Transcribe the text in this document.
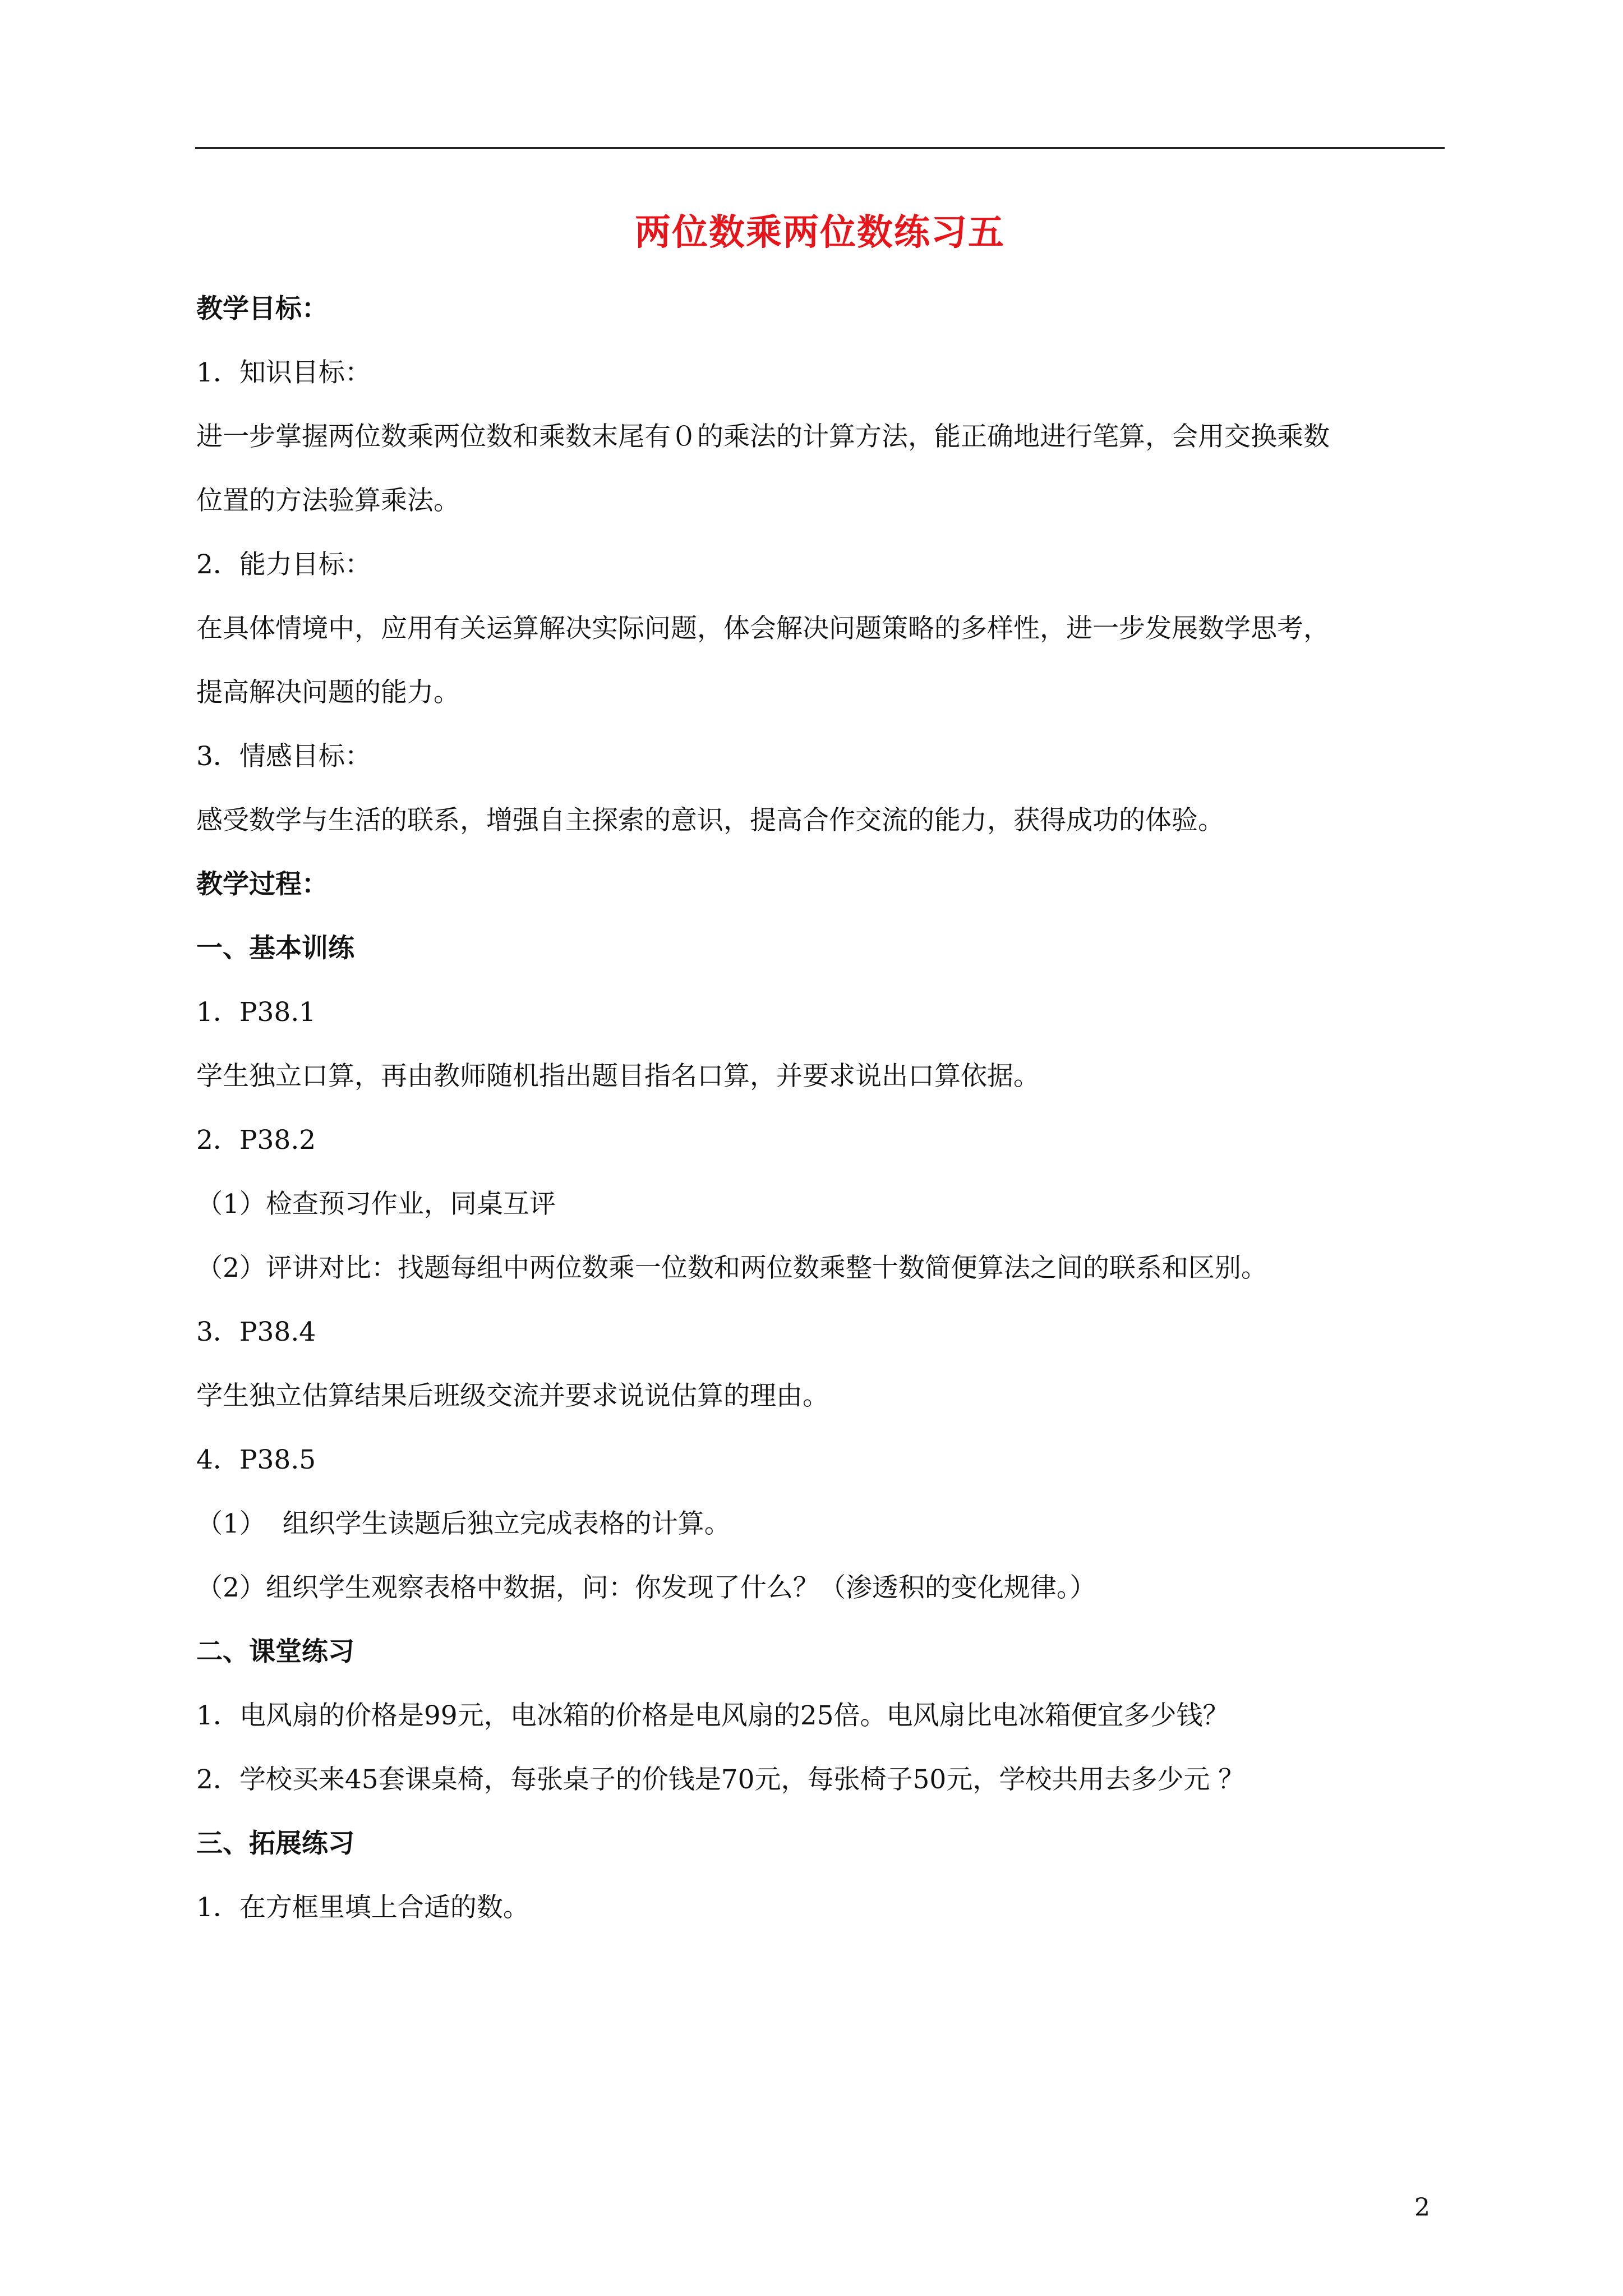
两位数乘两位数练习五
教学目标：
1．知识目标：
进一步掌握两位数乘两位数和乘数末尾有０的乘法的计算方法，能正确地进行笔算，会用交换乘数
位置的方法验算乘法。
2．能力目标：
在具体情境中，应用有关运算解决实际问题，体会解决问题策略的多样性，进一步发展数学思考，
提高解决问题的能力。
3．情感目标：
感受数学与生活的联系，增强自主探索的意识，提高合作交流的能力，获得成功的体验。
教学过程：
一、基本训练
1．P38.1
学生独立口算，再由教师随机指出题目指名口算，并要求说出口算依据。
2．P38.2
（1）检查预习作业，同桌互评
（2）评讲对比：找题每组中两位数乘一位数和两位数乘整十数简便算法之间的联系和区别。
3．P38.4
学生独立估算结果后班级交流并要求说说估算的理由。
4．P38.5
（1）  组织学生读题后独立完成表格的计算。
（2）组织学生观察表格中数据，问：你发现了什么？（渗透积的变化规律。）
二、课堂练习
1．电风扇的价格是99元，电冰箱的价格是电风扇的25倍。电风扇比电冰箱便宜多少钱？
2．学校买来45套课桌椅，每张桌子的价钱是70元，每张椅子50元，学校共用去多少元 ？
三、拓展练习
1．在方框里填上合适的数。
2
